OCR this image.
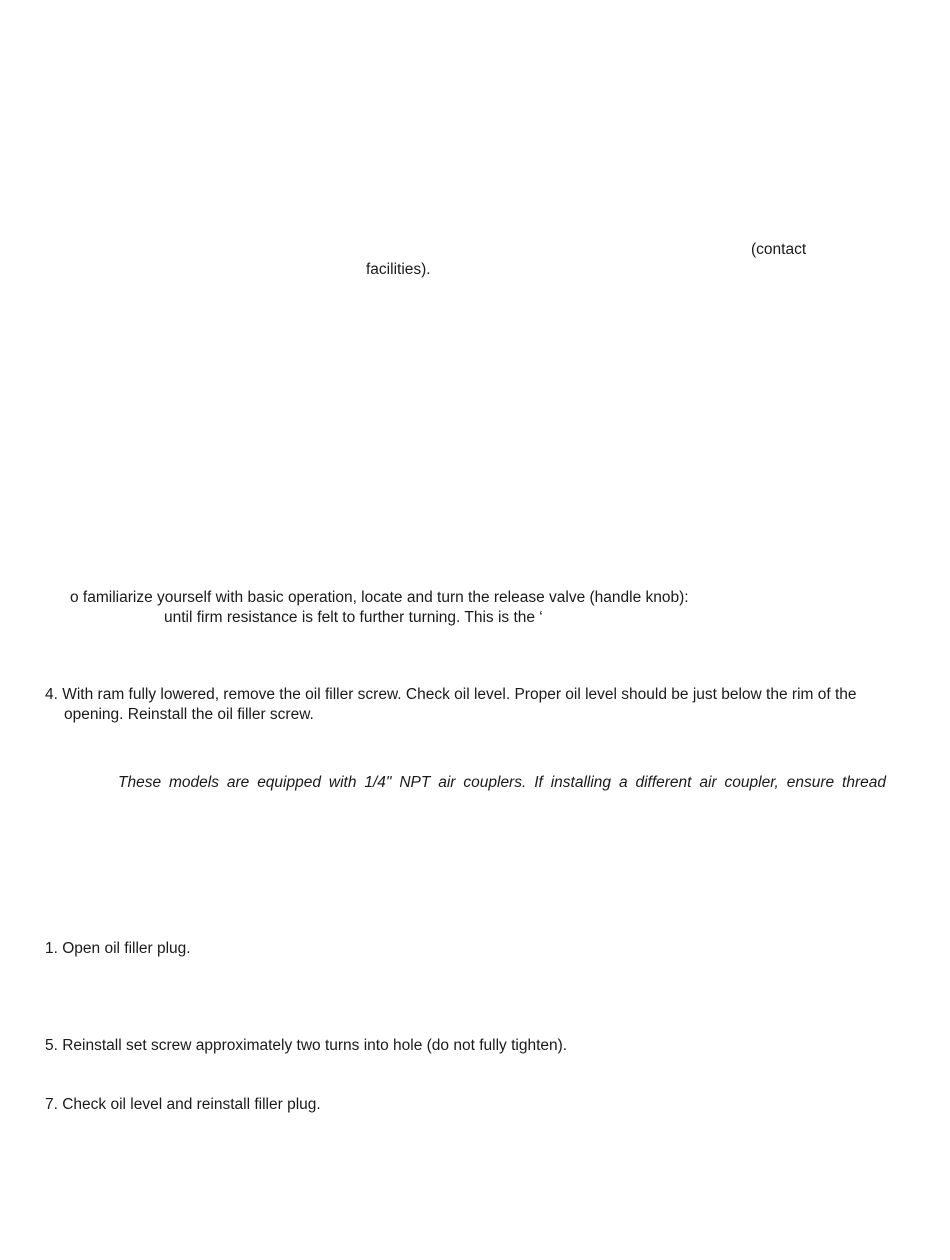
(contact
facilities).
o familiarize yourself with basic operation, locate and turn the release valve (handle knob):
until firm resistance is felt to further turning. This is the ‘
4. With ram fully lowered, remove the oil filler screw. Check oil level. Proper oil level should be just below the rim of the
opening. Reinstall the oil filler screw.
These models are equipped with 1/4" NPT air couplers. If installing a different air coupler, ensure thread
1. Open oil filler plug.
5. Reinstall set screw approximately two turns into hole (do not fully tighten).
7. Check oil level and reinstall filler plug.
